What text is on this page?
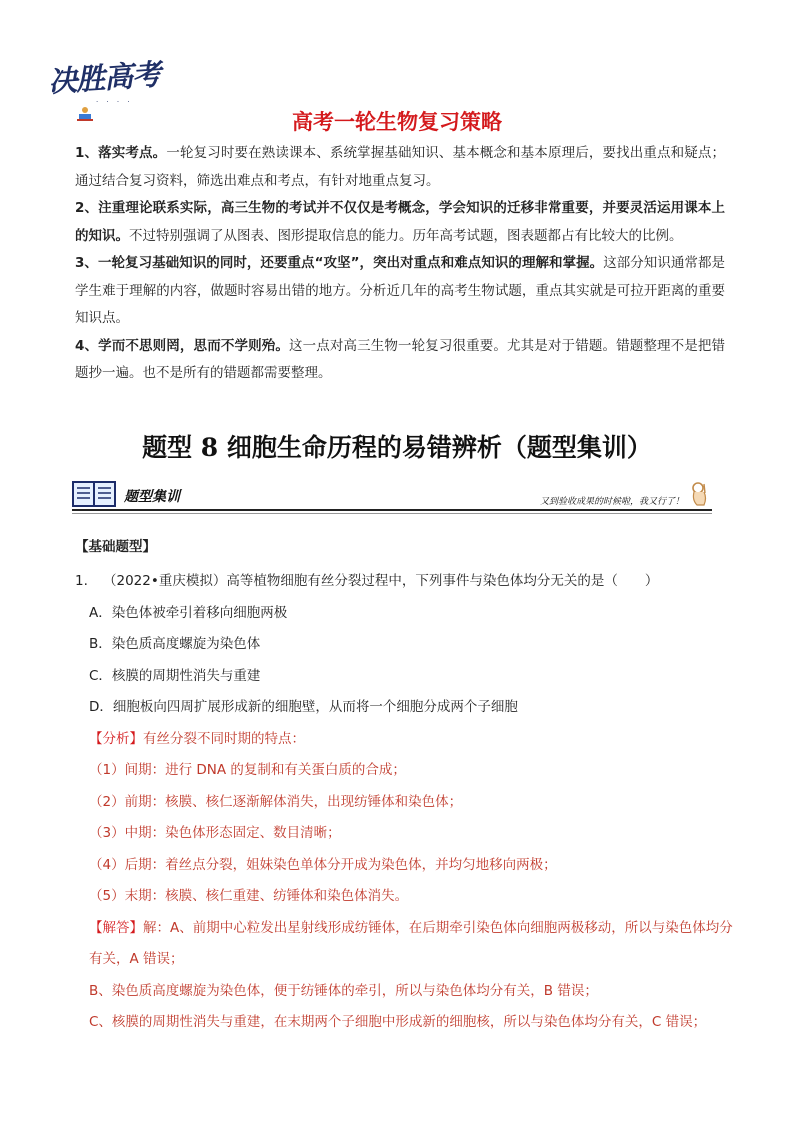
决胜高考
· · · ·
高考一轮生物复习策略

1、落实考点。一轮复习时要在熟读课本、系统掌握基础知识、基本概念和基本原理后，要找出重点和疑点；通过结合复习资料，筛选出难点和考点，有针对地重点复习。

2、注重理论联系实际，高三生物的考试并不仅仅是考概念，学会知识的迁移非常重要，并要灵活运用课本上的知识。不过特别强调了从图表、图形提取信息的能力。历年高考试题，图表题都占有比较大的比例。

3、一轮复习基础知识的同时，还要重点“攻坚”，突出对重点和难点知识的理解和掌握。这部分知识通常都是学生难于理解的内容，做题时容易出错的地方。分析近几年的高考生物试题，重点其实就是可拉开距离的重要知识点。

4、学而不思则罔，思而不学则殆。这一点对高三生物一轮复习很重要。尤其是对于错题。错题整理不是把错题抄一遍。也不是所有的错题都需要整理。

题型 8 细胞生命历程的易错辨析（题型集训）
题型集训	又到验收成果的时候啦，我又行了！
【基础题型】

1. （2022•重庆模拟）高等植物细胞有丝分裂过程中，下列事件与染色体均分无关的是（　　）

A．染色体被牵引着移向细胞两极

B．染色质高度螺旋为染色体

C．核膜的周期性消失与重建

D．细胞板向四周扩展形成新的细胞壁，从而将一个细胞分成两个子细胞

【分析】有丝分裂不同时期的特点：

（1）间期：进行 DNA 的复制和有关蛋白质的合成；

（2）前期：核膜、核仁逐渐解体消失，出现纺锤体和染色体；

（3）中期：染色体形态固定、数目清晰；

（4）后期：着丝点分裂，姐妹染色单体分开成为染色体，并均匀地移向两极；

（5）末期：核膜、核仁重建、纺锤体和染色体消失。

【解答】解：A、前期中心粒发出星射线形成纺锤体，在后期牵引染色体向细胞两极移动，所以与染色体均分有关，A 错误；

B、染色质高度螺旋为染色体，便于纺锤体的牵引，所以与染色体均分有关，B 错误；

C、核膜的周期性消失与重建，在末期两个子细胞中形成新的细胞核，所以与染色体均分有关，C 错误；
